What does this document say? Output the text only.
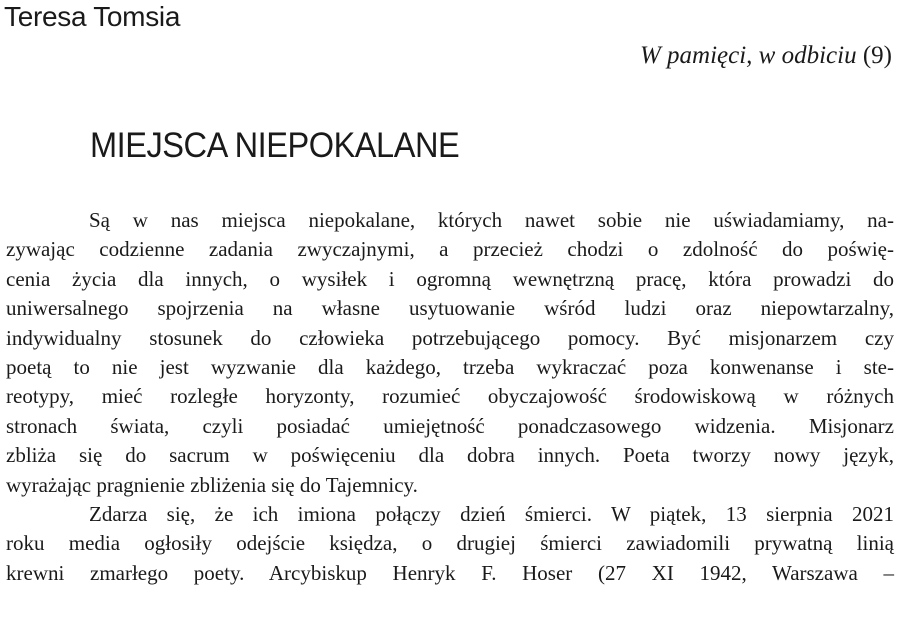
Teresa Tomsia
W pamięci, w odbiciu (9)
MIEJSCA NIEPOKALANE
Są w nas miejsca niepokalane, których nawet sobie nie uświadamiamy, na-
zywając codzienne zadania zwyczajnymi, a przecież chodzi o zdolność do poświę-
cenia życia dla innych, o wysiłek i ogromną wewnętrzną pracę, która prowadzi do
uniwersalnego spojrzenia na własne usytuowanie wśród ludzi oraz niepowtarzalny,
indywidualny stosunek do człowieka potrzebującego pomocy. Być misjonarzem czy
poetą to nie jest wyzwanie dla każdego, trzeba wykraczać poza konwenanse i ste-
reotypy, mieć rozległe horyzonty, rozumieć obyczajowość środowiskową w różnych
stronach świata, czyli posiadać umiejętność ponadczasowego widzenia. Misjonarz
zbliża się do sacrum w poświęceniu dla dobra innych. Poeta tworzy nowy język,
wyrażając pragnienie zbliżenia się do Tajemnicy.
Zdarza się, że ich imiona połączy dzień śmierci. W piątek, 13 sierpnia 2021
roku media ogłosiły odejście księdza, o drugiej śmierci zawiadomili prywatną linią
krewni zmarłego poety. Arcybiskup Henryk F. Hoser (27 XI 1942, Warszawa –
